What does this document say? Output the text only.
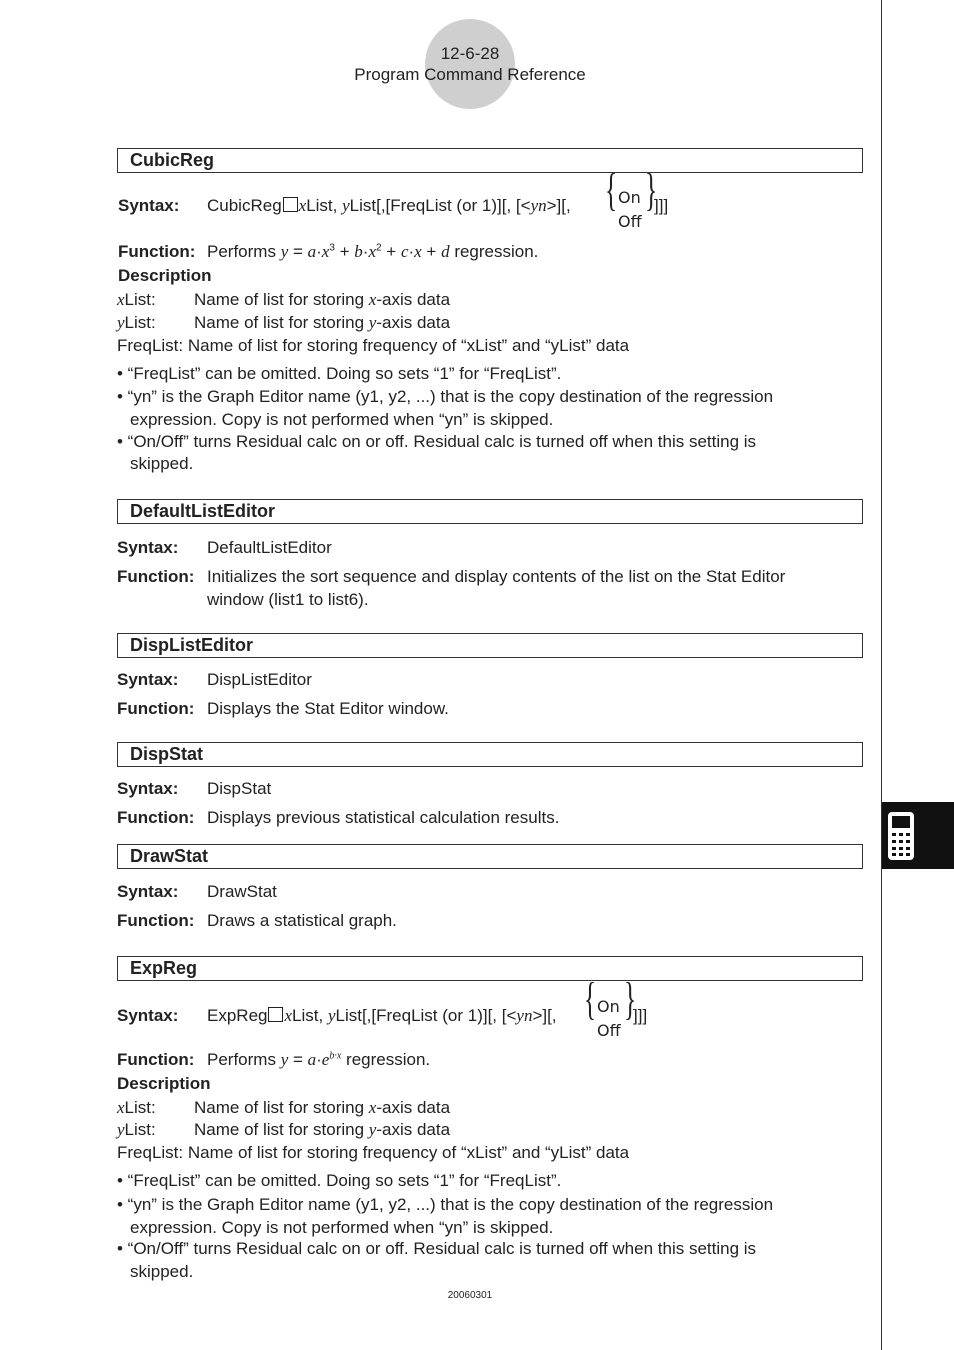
12-6-28
Program Command Reference
CubicReg
Syntax: CubicReg xList, yList[,[FreqList (or 1)][, [<yn>][, { On
Off
}
]]]
Function: Performs $y = a\cdot x^3 + b\cdot x^2 + c\cdot x + d$ regression.
Description
xList: Name of list for storing x-axis data
yList: Name of list for storing y-axis data
FreqList: Name of list for storing frequency of “xList” and “yList” data
• “FreqList” can be omitted. Doing so sets “1” for “FreqList”.
• “yn” is the Graph Editor name (y1, y2, ...) that is the copy destination of the regression
expression. Copy is not performed when “yn” is skipped.
• “On/Off” turns Residual calc on or off. Residual calc is turned off when this setting is
skipped.
DefaultListEditor
Syntax: DefaultListEditor
Function: Initializes the sort sequence and display contents of the list on the Stat Editor
window (list1 to list6).
DispListEditor
Syntax: DispListEditor
Function: Displays the Stat Editor window.
DispStat
Syntax: DispStat
Function: Displays previous statistical calculation results.
DrawStat
Syntax: DrawStat
Function: Draws a statistical graph.
ExpReg
Syntax: ExpReg xList, yList[,[FreqList (or 1)][, [<yn>][, { On
Off
}
]]]
Function: Performs $y = a\cdot e^{b\cdot x}$ regression.
Description
xList: Name of list for storing x-axis data
yList: Name of list for storing y-axis data
FreqList: Name of list for storing frequency of “xList” and “yList” data
• “FreqList” can be omitted. Doing so sets “1” for “FreqList”.
• “yn” is the Graph Editor name (y1, y2, ...) that is the copy destination of the regression
expression. Copy is not performed when “yn” is skipped.
• “On/Off” turns Residual calc on or off. Residual calc is turned off when this setting is
skipped.
20060301
